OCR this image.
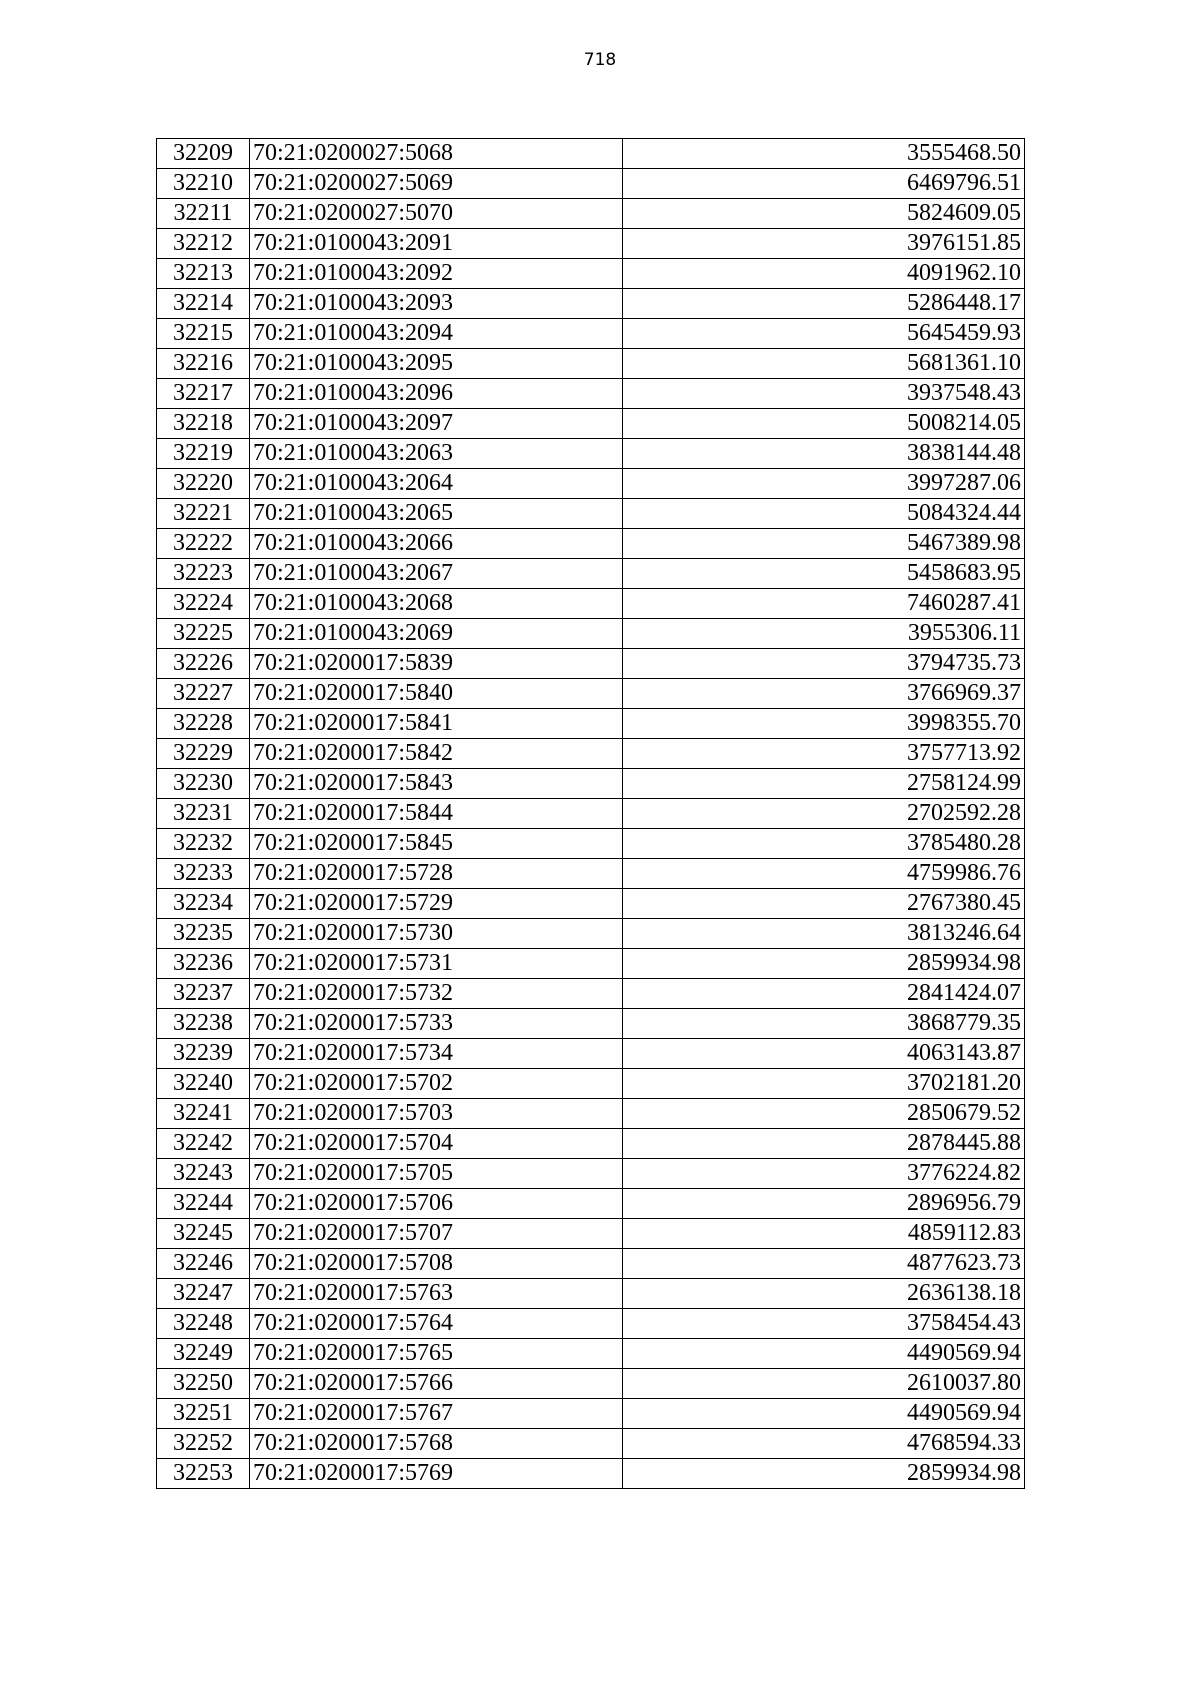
718
32209	70:21:0200027:5068	3555468.50
32210	70:21:0200027:5069	6469796.51
32211	70:21:0200027:5070	5824609.05
32212	70:21:0100043:2091	3976151.85
32213	70:21:0100043:2092	4091962.10
32214	70:21:0100043:2093	5286448.17
32215	70:21:0100043:2094	5645459.93
32216	70:21:0100043:2095	5681361.10
32217	70:21:0100043:2096	3937548.43
32218	70:21:0100043:2097	5008214.05
32219	70:21:0100043:2063	3838144.48
32220	70:21:0100043:2064	3997287.06
32221	70:21:0100043:2065	5084324.44
32222	70:21:0100043:2066	5467389.98
32223	70:21:0100043:2067	5458683.95
32224	70:21:0100043:2068	7460287.41
32225	70:21:0100043:2069	3955306.11
32226	70:21:0200017:5839	3794735.73
32227	70:21:0200017:5840	3766969.37
32228	70:21:0200017:5841	3998355.70
32229	70:21:0200017:5842	3757713.92
32230	70:21:0200017:5843	2758124.99
32231	70:21:0200017:5844	2702592.28
32232	70:21:0200017:5845	3785480.28
32233	70:21:0200017:5728	4759986.76
32234	70:21:0200017:5729	2767380.45
32235	70:21:0200017:5730	3813246.64
32236	70:21:0200017:5731	2859934.98
32237	70:21:0200017:5732	2841424.07
32238	70:21:0200017:5733	3868779.35
32239	70:21:0200017:5734	4063143.87
32240	70:21:0200017:5702	3702181.20
32241	70:21:0200017:5703	2850679.52
32242	70:21:0200017:5704	2878445.88
32243	70:21:0200017:5705	3776224.82
32244	70:21:0200017:5706	2896956.79
32245	70:21:0200017:5707	4859112.83
32246	70:21:0200017:5708	4877623.73
32247	70:21:0200017:5763	2636138.18
32248	70:21:0200017:5764	3758454.43
32249	70:21:0200017:5765	4490569.94
32250	70:21:0200017:5766	2610037.80
32251	70:21:0200017:5767	4490569.94
32252	70:21:0200017:5768	4768594.33
32253	70:21:0200017:5769	2859934.98
